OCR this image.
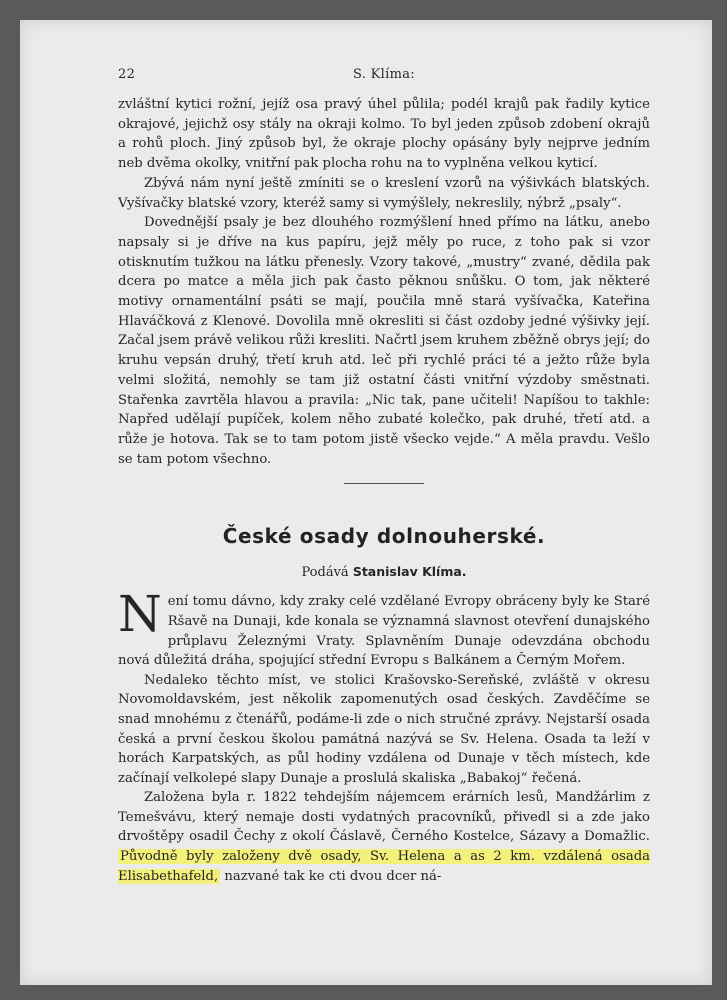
22	S. Klíma:

zvláštní kytici rožní, jejíž osa pravý úhel půlila; podél krajů pak řadily kytice okrajové, jejichž osy stály na okraji kolmo. To byl jeden způsob zdobení okrajů a rohů ploch. Jiný způsob byl, že okraje plochy opásány byly nejprve jedním neb dvěma okolky, vnitřní pak plocha rohu na to vyplněna velkou kyticí.

Zbývá nám nyní ještě zmíniti se o kreslení vzorů na výšivkách blatských. Vyšívačky blatské vzory, kteréž samy si vymýšlely, nekreslily, nýbrž „psaly“.

Dovednější psaly je bez dlouhého rozmýšlení hned přímo na látku, anebo napsaly si je dříve na kus papíru, jejž měly po ruce, z toho pak si vzor otisknutím tužkou na látku přenesly. Vzory takové, „mustry“ zvané, dědila pak dcera po matce a měla jich pak často pěknou snůšku. O tom, jak některé motivy ornamentální psáti se mají, poučila mně stará vyšívačka, Kateřina Hlaváčková z Klenové. Dovolila mně okresliti si část ozdoby jedné výšivky její. Začal jsem právě velikou růži kresliti. Načrtl jsem kruhem zběžně obrys její; do kruhu vepsán druhý, třetí kruh atd. leč při rychlé práci té a ježto růže byla velmi složitá, nemohly se tam již ostatní části vnitřní výzdoby směstnati. Stařenka zavrtěla hlavou a pravila: „Nic tak, pane učiteli! Napíšou to takhle: Napřed udělají pupíček, kolem něho zubaté kolečko, pak druhé, třetí atd. a růže je hotova. Tak se to tam potom jistě všecko vejde.“ A měla pravdu. Vešlo se tam potom všechno.

České osady dolnouherské.
Podává Stanislav Klíma.

Není tomu dávno, kdy zraky celé vzdělané Evropy obráceny byly ke Staré Ršavě na Dunaji, kde konala se významná slavnost otevření dunajského průplavu Železnými Vraty. Splavněním Dunaje odevzdána obchodu nová důležitá dráha, spojující střední Evropu s Balkánem a Černým Mořem.

Nedaleko těchto míst, ve stolici Krašovsko-Sereňské, zvláště v okresu Novomoldavském, jest několik zapomenutých osad českých. Zavděčíme se snad mnohému z čtenářů, podáme-li zde o nich stručné zprávy. Nejstarší osada česká a první českou školou památná nazývá se Sv. Helena. Osada ta leží v horách Karpatských, as půl hodiny vzdálena od Dunaje v těch místech, kde začínají velkolepé slapy Dunaje a proslulá skaliska „Babakoj“ řečená.

Založena byla r. 1822 tehdejším nájemcem erárních lesů, Mandžárlim z Temešvávu, který nemaje dosti vydatných pracovníků, přivedl si a zde jako drvoštěpy osadil Čechy z okolí Čáslavě, Černého Kostelce, Sázavy a Domažlic. Původně byly založeny dvě osady, Sv. Helena a as 2 km. vzdálená osada Elisabethafeld, nazvané tak ke cti dvou dcer ná-
